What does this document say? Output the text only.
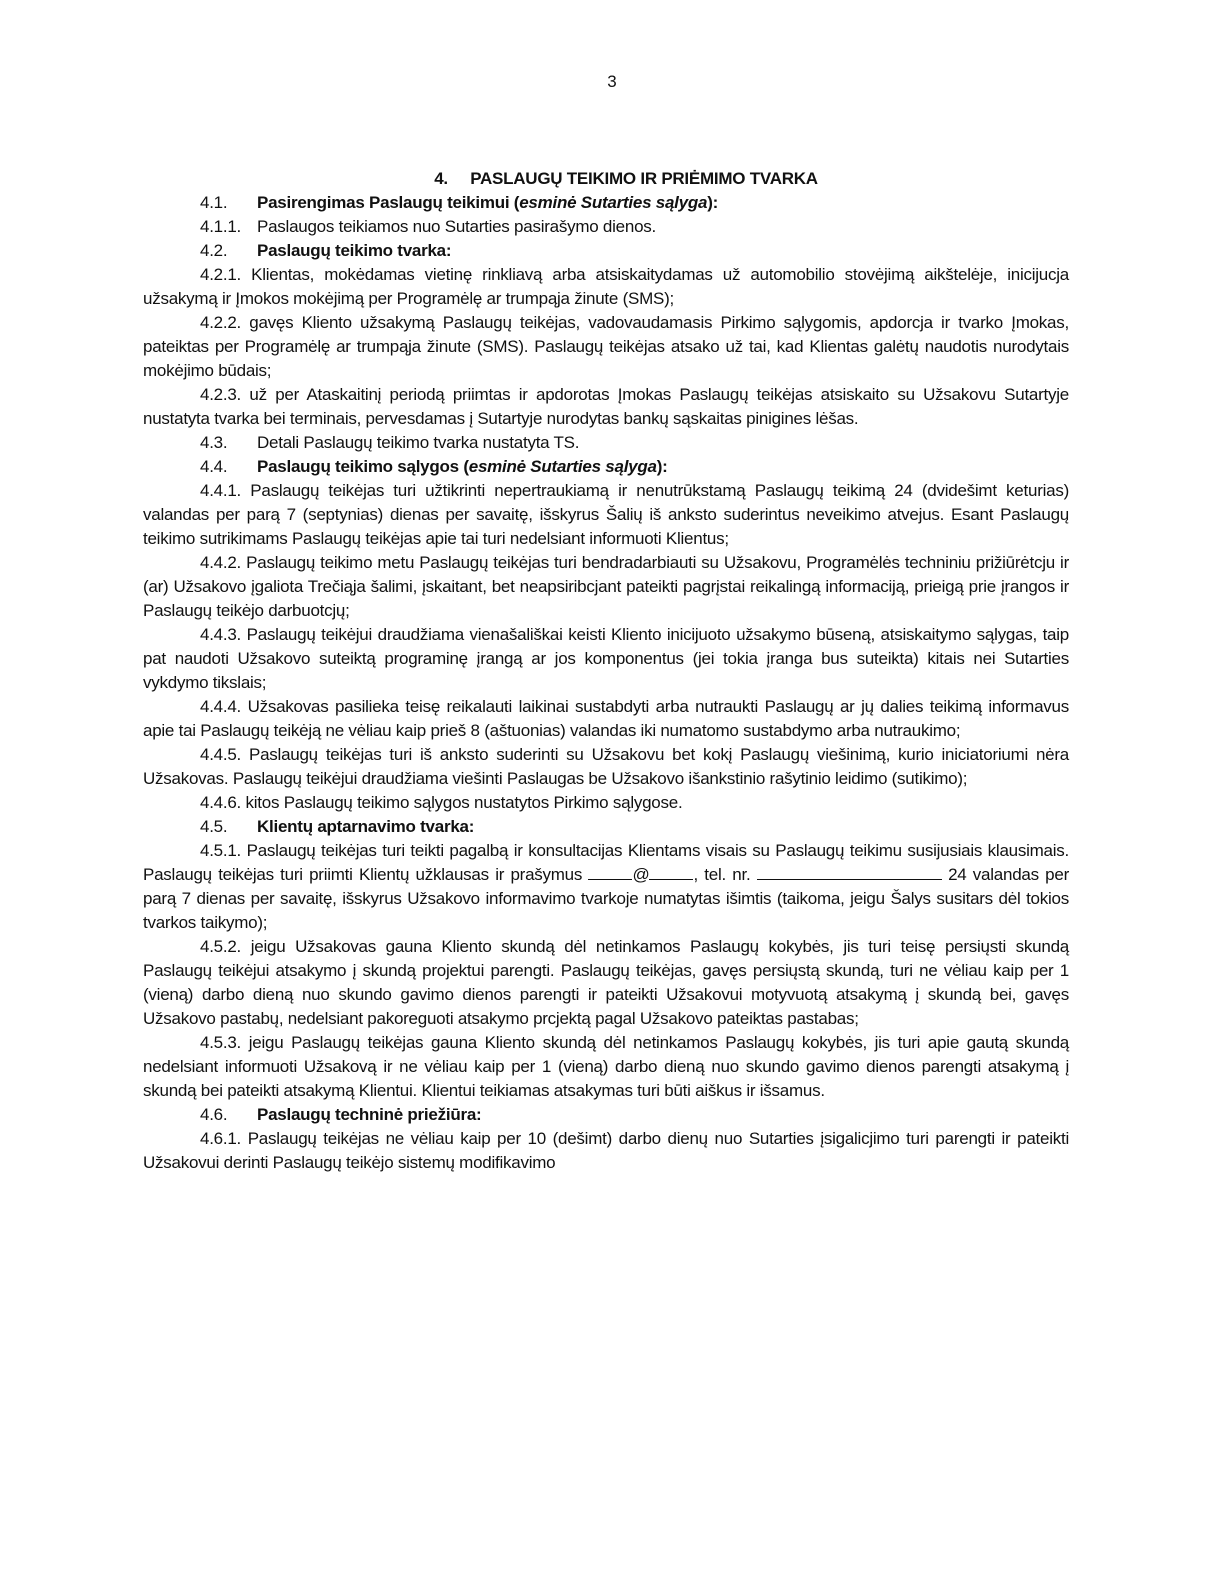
3
4. PASLAUGŲ TEIKIMO IR PRIĖMIMO TVARKA

4.1. Pasirengimas Paslaugų teikimui (esminė Sutarties sąlyga):

4.1.1. Paslaugos teikiamos nuo Sutarties pasirašymo dienos.

4.2. Paslaugų teikimo tvarka:

4.2.1. Klientas, mokėdamas vietinę rinkliavą arba atsiskaitydamas už automobilio stovėjimą aikštelėje, inicijucja užsakymą ir Įmokos mokėjimą per Programėlę ar trumpąja žinute (SMS);

4.2.2. gavęs Kliento užsakymą Paslaugų teikėjas, vadovaudamasis Pirkimo sąlygomis, apdorcja ir tvarko Įmokas, pateiktas per Programėlę ar trumpąja žinute (SMS). Paslaugų teikėjas atsako už tai, kad Klientas galėtų naudotis nurodytais mokėjimo būdais;

4.2.3. už per Ataskaitinį periodą priimtas ir apdorotas Įmokas Paslaugų teikėjas atsiskaito su Užsakovu Sutartyje nustatyta tvarka bei terminais, pervesdamas į Sutartyje nurodytas bankų sąskaitas pinigines lėšas.

4.3. Detali Paslaugų teikimo tvarka nustatyta TS.

4.4. Paslaugų teikimo sąlygos (esminė Sutarties sąlyga):

4.4.1. Paslaugų teikėjas turi užtikrinti nepertraukiamą ir nenutrūkstamą Paslaugų teikimą 24 (dvidešimt keturias) valandas per parą 7 (septynias) dienas per savaitę, išskyrus Šalių iš anksto suderintus neveikimo atvejus. Esant Paslaugų teikimo sutrikimams Paslaugų teikėjas apie tai turi nedelsiant informuoti Klientus;

4.4.2. Paslaugų teikimo metu Paslaugų teikėjas turi bendradarbiauti su Užsakovu, Programėlės techniniu prižiūrėtcju ir (ar) Užsakovo įgaliota Trečiąja šalimi, įskaitant, bet neapsiribcjant pateikti pagrįstai reikalingą informaciją, prieigą prie įrangos ir Paslaugų teikėjo darbuotcjų;

4.4.3. Paslaugų teikėjui draudžiama vienašališkai keisti Kliento inicijuoto užsakymo būseną, atsiskaitymo sąlygas, taip pat naudoti Užsakovo suteiktą programinę įrangą ar jos komponentus (jei tokia įranga bus suteikta) kitais nei Sutarties vykdymo tikslais;

4.4.4. Užsakovas pasilieka teisę reikalauti laikinai sustabdyti arba nutraukti Paslaugų ar jų dalies teikimą informavus apie tai Paslaugų teikėją ne vėliau kaip prieš 8 (aštuonias) valandas iki numatomo sustabdymo arba nutraukimo;

4.4.5. Paslaugų teikėjas turi iš anksto suderinti su Užsakovu bet kokį Paslaugų viešinimą, kurio iniciatoriumi nėra Užsakovas. Paslaugų teikėjui draudžiama viešinti Paslaugas be Užsakovo išankstinio rašytinio leidimo (sutikimo);

4.4.6. kitos Paslaugų teikimo sąlygos nustatytos Pirkimo sąlygose.

4.5. Klientų aptarnavimo tvarka:

4.5.1. Paslaugų teikėjas turi teikti pagalbą ir konsultacijas Klientams visais su Paslaugų teikimu susijusiais klausimais. Paslaugų teikėjas turi priimti Klientų užklausas ir prašymus	@	, tel. nr.	24 valandas per parą 7 dienas per savaitę, išskyrus Užsakovo informavimo tvarkoje numatytas išimtis (taikoma, jeigu Šalys susitars dėl tokios tvarkos taikymo);

4.5.2. jeigu Užsakovas gauna Kliento skundą dėl netinkamos Paslaugų kokybės, jis turi teisę persiųsti skundą Paslaugų teikėjui atsakymo į skundą projektui parengti. Paslaugų teikėjas, gavęs persiųstą skundą, turi ne vėliau kaip per 1 (vieną) darbo dieną nuo skundo gavimo dienos parengti ir pateikti Užsakovui motyvuotą atsakymą į skundą bei, gavęs Užsakovo pastabų, nedelsiant pakoreguoti atsakymo prcjektą pagal Užsakovo pateiktas pastabas;

4.5.3. jeigu Paslaugų teikėjas gauna Kliento skundą dėl netinkamos Paslaugų kokybės, jis turi apie gautą skundą nedelsiant informuoti Užsakovą ir ne vėliau kaip per 1 (vieną) darbo dieną nuo skundo gavimo dienos parengti atsakymą į skundą bei pateikti atsakymą Klientui. Klientui teikiamas atsakymas turi būti aiškus ir išsamus.

4.6. Paslaugų techninė priežiūra:

4.6.1. Paslaugų teikėjas ne vėliau kaip per 10 (dešimt) darbo dienų nuo Sutarties įsigalicjimo turi parengti ir pateikti Užsakovui derinti Paslaugų teikėjo sistemų modifikavimo
